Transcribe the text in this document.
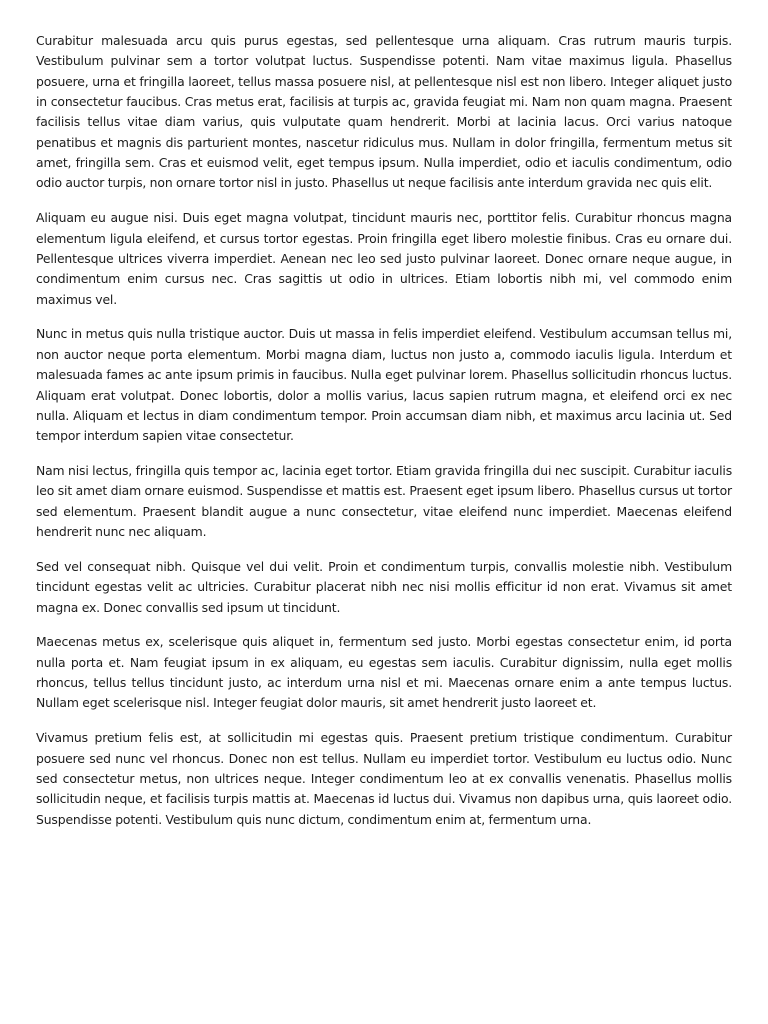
Curabitur malesuada arcu quis purus egestas, sed pellentesque urna aliquam. Cras rutrum mauris turpis. Vestibulum pulvinar sem a tortor volutpat luctus. Suspendisse potenti. Nam vitae maximus ligula. Phasellus posuere, urna et fringilla laoreet, tellus massa posuere nisl, at pellentesque nisl est non libero. Integer aliquet justo in consectetur faucibus. Cras metus erat, facilisis at turpis ac, gravida feugiat mi. Nam non quam magna. Praesent facilisis tellus vitae diam varius, quis vulputate quam hendrerit. Morbi at lacinia lacus. Orci varius natoque penatibus et magnis dis parturient montes, nascetur ridiculus mus. Nullam in dolor fringilla, fermentum metus sit amet, fringilla sem. Cras et euismod velit, eget tempus ipsum. Nulla imperdiet, odio et iaculis condimentum, odio odio auctor turpis, non ornare tortor nisl in justo. Phasellus ut neque facilisis ante interdum gravida nec quis elit.

Aliquam eu augue nisi. Duis eget magna volutpat, tincidunt mauris nec, porttitor felis. Curabitur rhoncus magna elementum ligula eleifend, et cursus tortor egestas. Proin fringilla eget libero molestie finibus. Cras eu ornare dui. Pellentesque ultrices viverra imperdiet. Aenean nec leo sed justo pulvinar laoreet. Donec ornare neque augue, in condimentum enim cursus nec. Cras sagittis ut odio in ultrices. Etiam lobortis nibh mi, vel commodo enim maximus vel.

Nunc in metus quis nulla tristique auctor. Duis ut massa in felis imperdiet eleifend. Vestibulum accumsan tellus mi, non auctor neque porta elementum. Morbi magna diam, luctus non justo a, commodo iaculis ligula. Interdum et malesuada fames ac ante ipsum primis in faucibus. Nulla eget pulvinar lorem. Phasellus sollicitudin rhoncus luctus. Aliquam erat volutpat. Donec lobortis, dolor a mollis varius, lacus sapien rutrum magna, et eleifend orci ex nec nulla. Aliquam et lectus in diam condimentum tempor. Proin accumsan diam nibh, et maximus arcu lacinia ut. Sed tempor interdum sapien vitae consectetur.

Nam nisi lectus, fringilla quis tempor ac, lacinia eget tortor. Etiam gravida fringilla dui nec suscipit. Curabitur iaculis leo sit amet diam ornare euismod. Suspendisse et mattis est. Praesent eget ipsum libero. Phasellus cursus ut tortor sed elementum. Praesent blandit augue a nunc consectetur, vitae eleifend nunc imperdiet. Maecenas eleifend hendrerit nunc nec aliquam.

Sed vel consequat nibh. Quisque vel dui velit. Proin et condimentum turpis, convallis molestie nibh. Vestibulum tincidunt egestas velit ac ultricies. Curabitur placerat nibh nec nisi mollis efficitur id non erat. Vivamus sit amet magna ex. Donec convallis sed ipsum ut tincidunt.

Maecenas metus ex, scelerisque quis aliquet in, fermentum sed justo. Morbi egestas consectetur enim, id porta nulla porta et. Nam feugiat ipsum in ex aliquam, eu egestas sem iaculis. Curabitur dignissim, nulla eget mollis rhoncus, tellus tellus tincidunt justo, ac interdum urna nisl et mi. Maecenas ornare enim a ante tempus luctus. Nullam eget scelerisque nisl. Integer feugiat dolor mauris, sit amet hendrerit justo laoreet et.

Vivamus pretium felis est, at sollicitudin mi egestas quis. Praesent pretium tristique condimentum. Curabitur posuere sed nunc vel rhoncus. Donec non est tellus. Nullam eu imperdiet tortor. Vestibulum eu luctus odio. Nunc sed consectetur metus, non ultrices neque. Integer condimentum leo at ex convallis venenatis. Phasellus mollis sollicitudin neque, et facilisis turpis mattis at. Maecenas id luctus dui. Vivamus non dapibus urna, quis laoreet odio. Suspendisse potenti. Vestibulum quis nunc dictum, condimentum enim at, fermentum urna.
